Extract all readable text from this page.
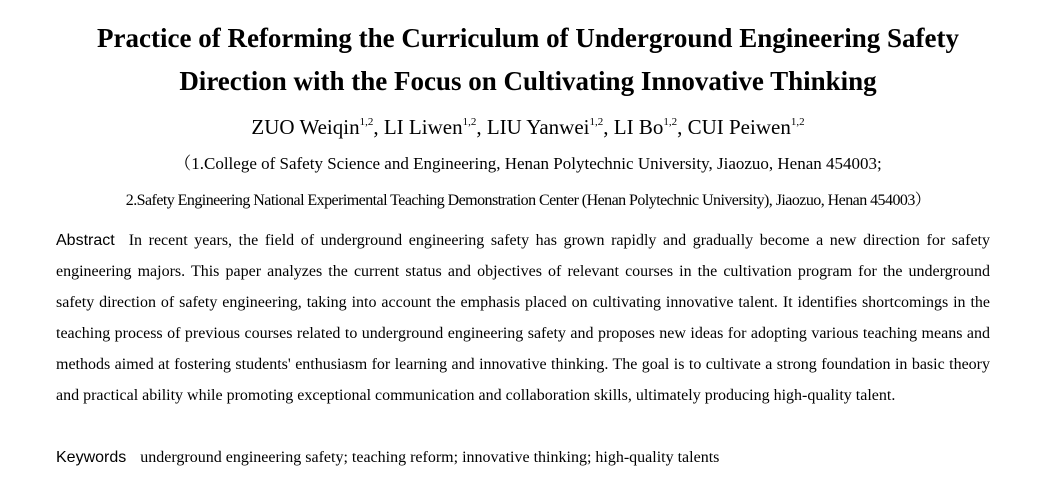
Practice of Reforming the Curriculum of Underground Engineering Safety
Direction with the Focus on Cultivating Innovative Thinking
ZUO Weiqin$^{1,2}$, LI Liwen$^{1,2}$, LIU Yanwei$^{1,2}$, LI Bo$^{1,2}$, CUI Peiwen$^{1,2}$
（1.College of Safety Science and Engineering, Henan Polytechnic University, Jiaozuo, Henan 454003;
2.Safety Engineering National Experimental Teaching Demonstration Center (Henan Polytechnic University), Jiaozuo, Henan 454003）
Abstract In recent years, the field of underground engineering safety has grown rapidly and gradually become a new direction for safety engineering majors. This paper analyzes the current status and objectives of relevant courses in the cultivation program for the underground safety direction of safety engineering, taking into account the emphasis placed on cultivating innovative talent. It identifies shortcomings in the teaching process of previous courses related to underground engineering safety and proposes new ideas for adopting various teaching means and methods aimed at fostering students' enthusiasm for learning and innovative thinking. The goal is to cultivate a strong foundation in basic theory and practical ability while promoting exceptional communication and collaboration skills, ultimately producing high-quality talent.
Keywords underground engineering safety; teaching reform; innovative thinking; high-quality talents
